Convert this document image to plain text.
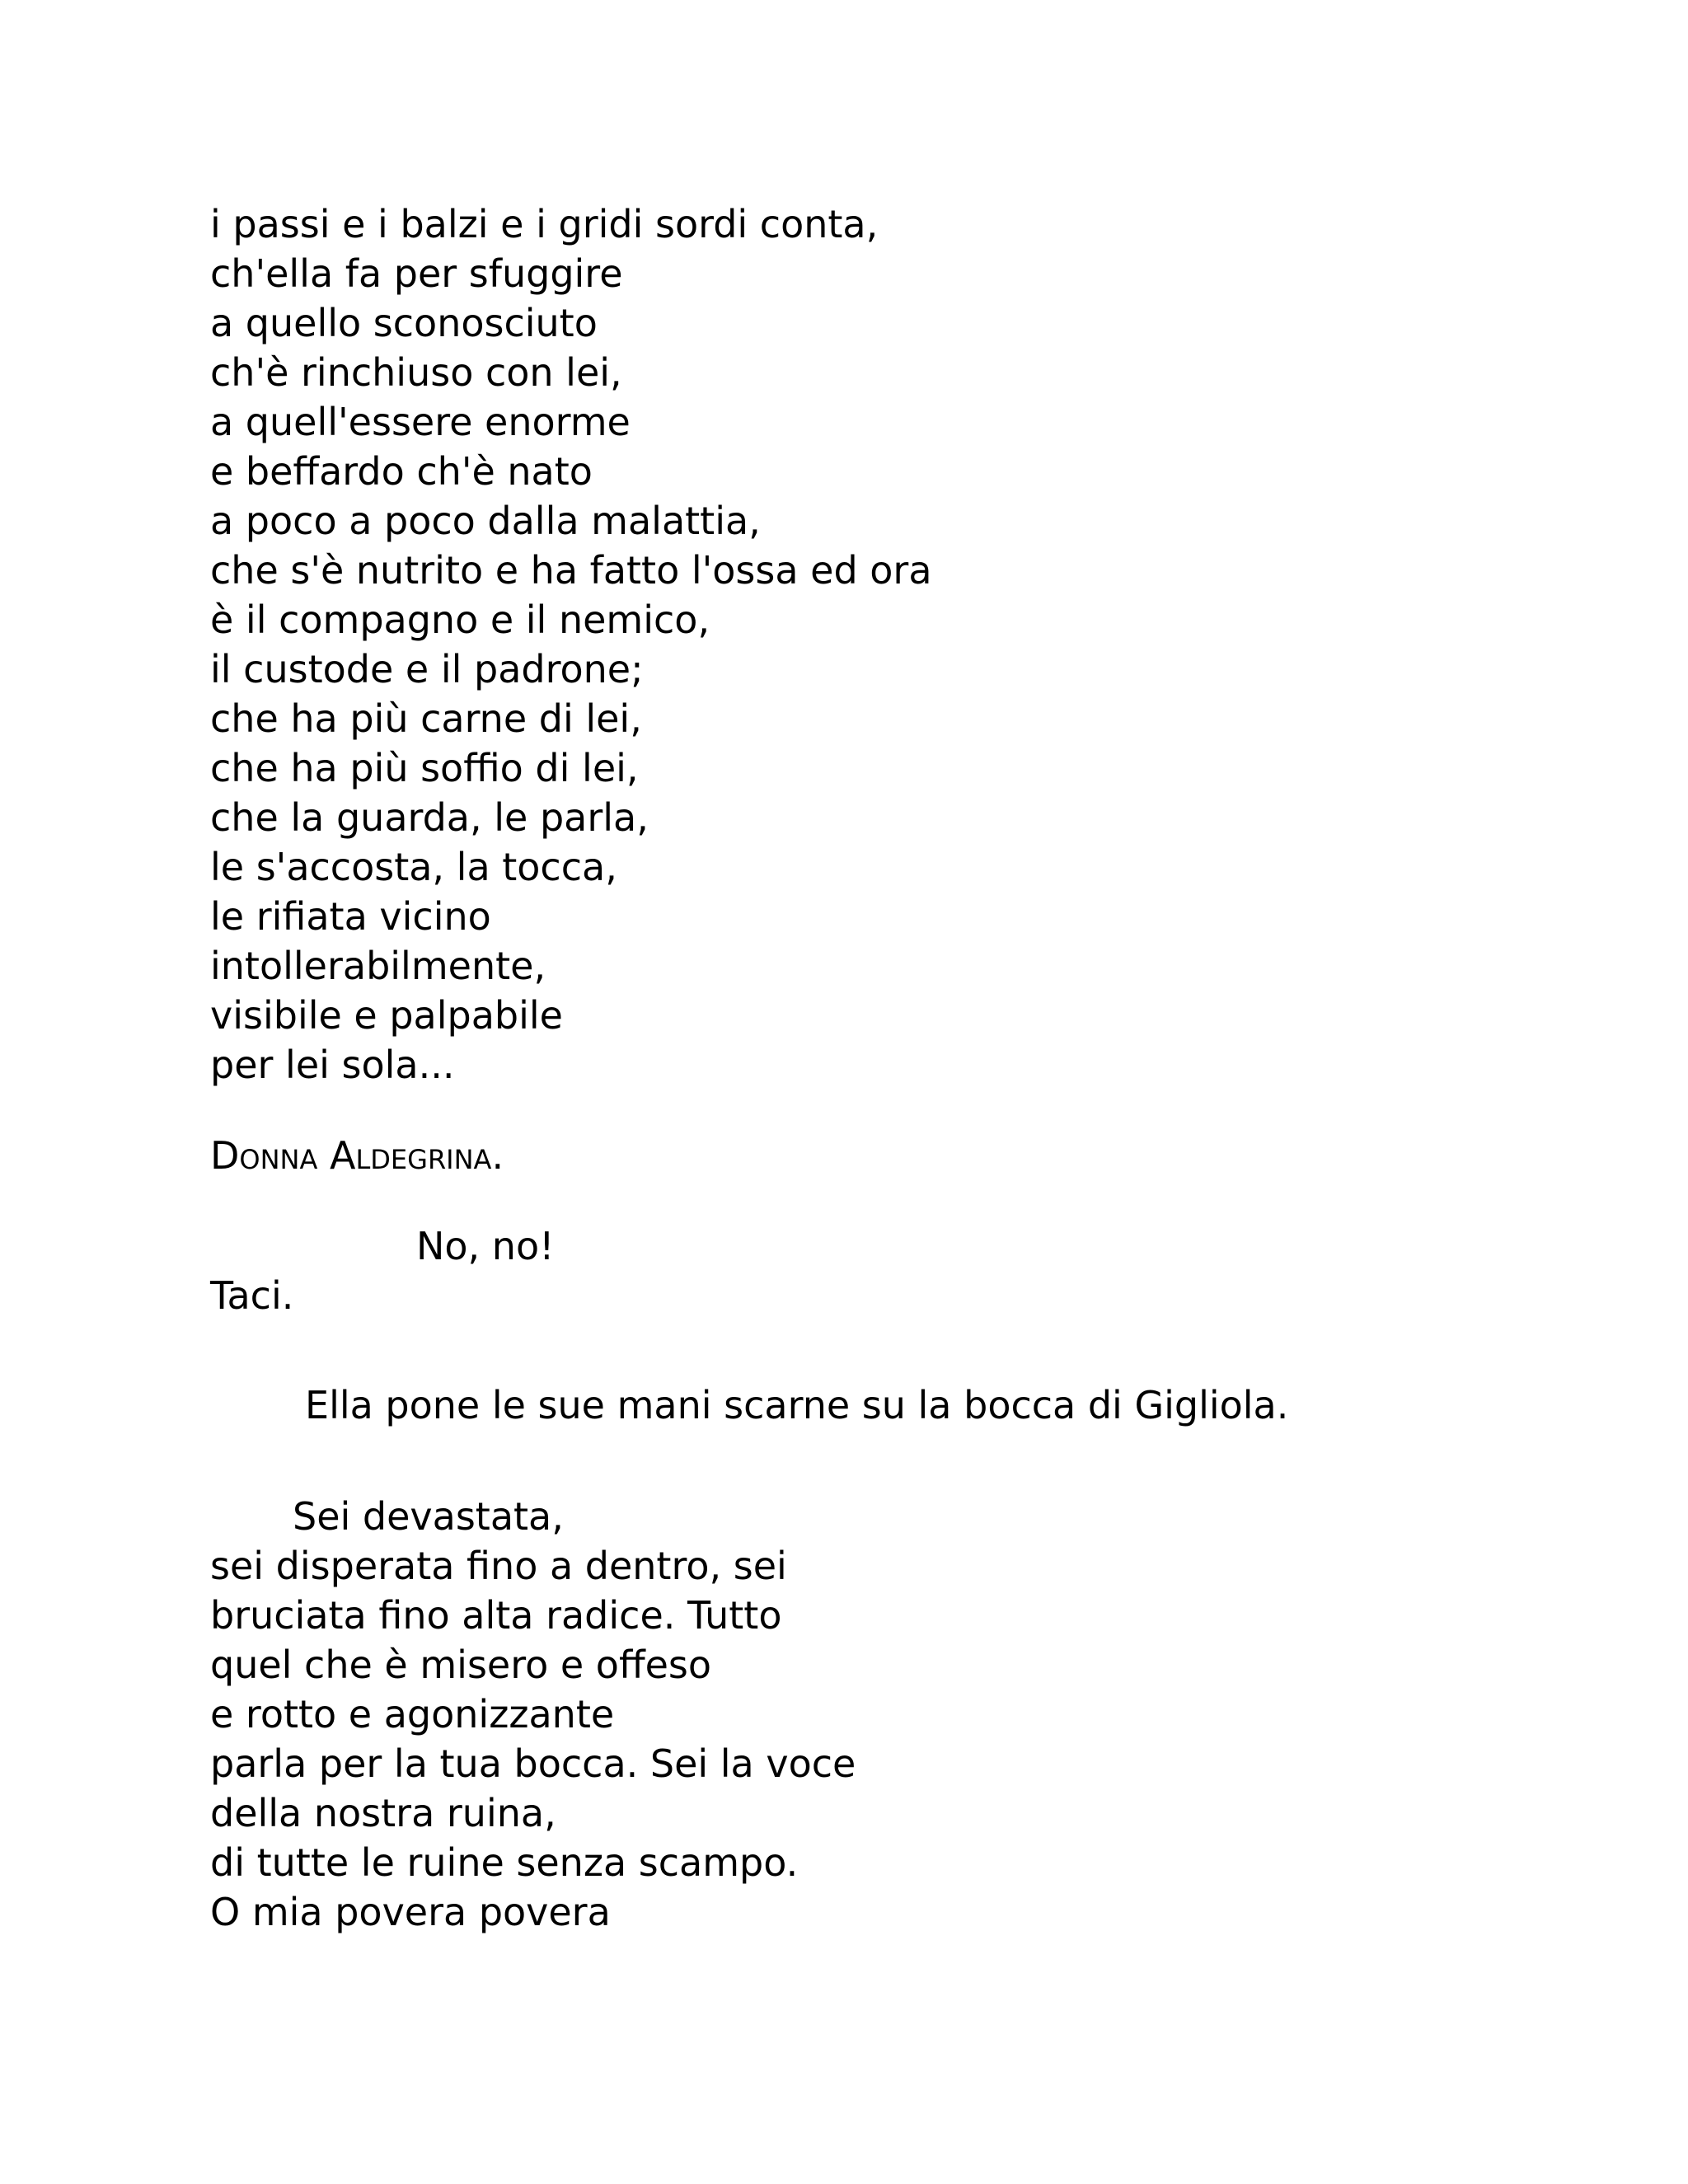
i passi e i balzi e i gridi sordi conta,
ch'ella fa per sfuggire
a quello sconosciuto
ch'è rinchiuso con lei,
a quell'essere enorme
e beffardo ch'è nato
a poco a poco dalla malattia,
che s'è nutrito e ha fatto l'ossa ed ora
è il compagno e il nemico,
il custode e il padrone;
che ha più carne di lei,
che ha più soffio di lei,
che la guarda, le parla,
le s'accosta, la tocca,
le rifiata vicino
intollerabilmente,
visibile e palpabile
per lei sola...
Donna Aldegrina.
No, no!
Taci.
Ella pone le sue mani scarne su la bocca di Gigliola.
Sei devastata,
sei disperata fino a dentro, sei
bruciata fino alta radice. Tutto
quel che è misero e offeso
e rotto e agonizzante
parla per la tua bocca. Sei la voce
della nostra ruina,
di tutte le ruine senza scampo.
O mia povera povera
